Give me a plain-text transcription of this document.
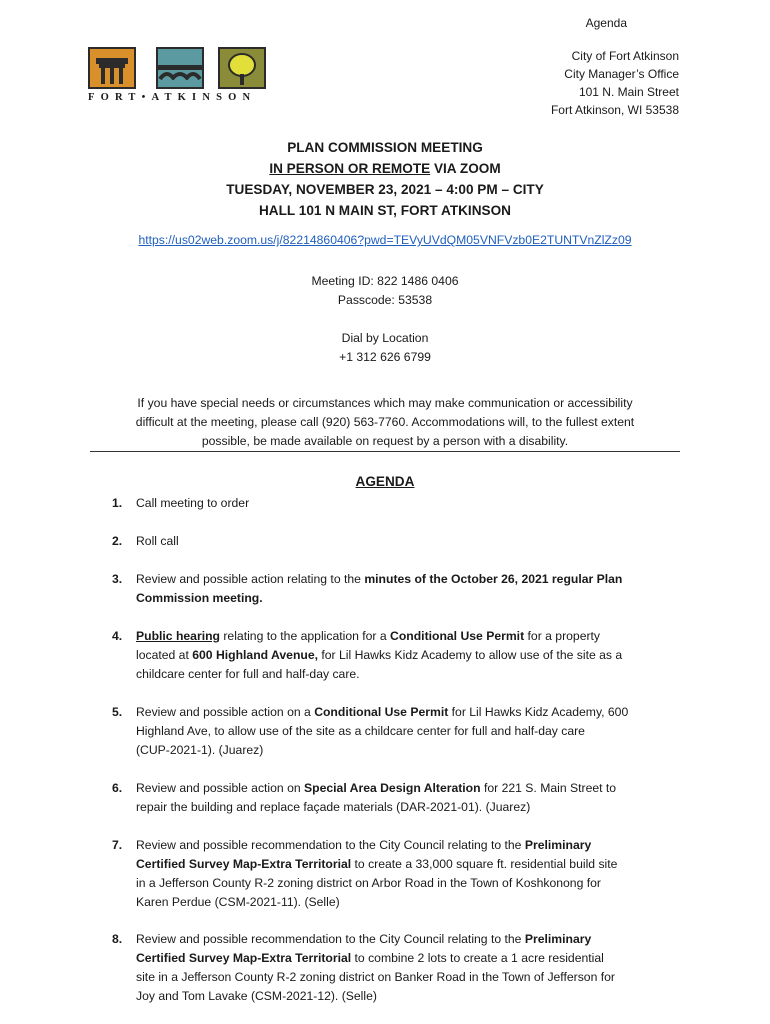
Agenda
FORT•ATKINSON
City of Fort Atkinson
City Manager’s Office
101 N. Main Street
Fort Atkinson, WI 53538
PLAN COMMISSION MEETING
IN PERSON OR REMOTE VIA ZOOM
TUESDAY, NOVEMBER 23, 2021 – 4:00 PM – CITY
HALL 101 N MAIN ST, FORT ATKINSON
https://us02web.zoom.us/j/82214860406?pwd=TEVyUVdQM05VNFVzb0E2TUNTVnZlZz09
Meeting ID: 822 1486 0406
Passcode: 53538
Dial by Location
+1 312 626 6799
If you have special needs or circumstances which may make communication or accessibility
difficult at the meeting, please call (920) 563-7760. Accommodations will, to the fullest extent
possible, be made available on request by a person with a disability.
AGENDA
1. Call meeting to order
2. Roll call
3. Review and possible action relating to the minutes of the October 26, 2021 regular Plan
Commission meeting.
4. Public hearing relating to the application for a Conditional Use Permit for a property
located at 600 Highland Avenue, for Lil Hawks Kidz Academy to allow use of the site as a
childcare center for full and half-day care.
5. Review and possible action on a Conditional Use Permit for Lil Hawks Kidz Academy, 600
Highland Ave, to allow use of the site as a childcare center for full and half-day care
(CUP-2021-1). (Juarez)
6. Review and possible action on Special Area Design Alteration for 221 S. Main Street to
repair the building and replace façade materials (DAR-2021-01). (Juarez)
7. Review and possible recommendation to the City Council relating to the Preliminary
Certified Survey Map-Extra Territorial to create a 33,000 square ft. residential build site
in a Jefferson County R-2 zoning district on Arbor Road in the Town of Koshkonong for
Karen Perdue (CSM-2021-11). (Selle)
8. Review and possible recommendation to the City Council relating to the Preliminary
Certified Survey Map-Extra Territorial to combine 2 lots to create a 1 acre residential
site in a Jefferson County R-2 zoning district on Banker Road in the Town of Jefferson for
Joy and Tom Lavake (CSM-2021-12). (Selle)
